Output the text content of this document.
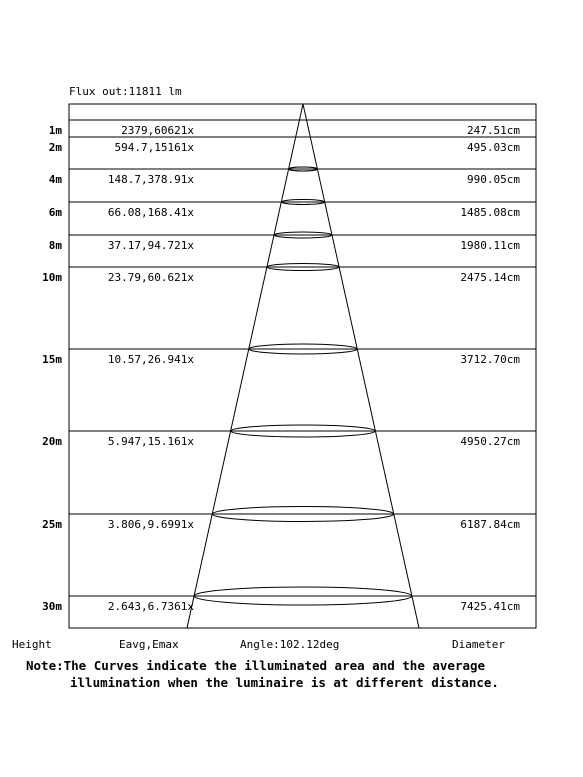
Flux out:11811 lm
1m	2379,60621x	247.51cm
2m	594.7,15161x	495.03cm
4m	148.7,378.91x	990.05cm
6m	66.08,168.41x	1485.08cm
8m	37.17,94.721x	1980.11cm
10m	23.79,60.621x	2475.14cm
15m	10.57,26.941x	3712.70cm
20m	5.947,15.161x	4950.27cm
25m	3.806,9.6991x	6187.84cm
30m	2.643,6.7361x	7425.41cm
Height	Eavg,Emax	Angle:102.12deg	Diameter
Note:The Curves indicate the illuminated area and the average
illumination when the luminaire is at different distance.
